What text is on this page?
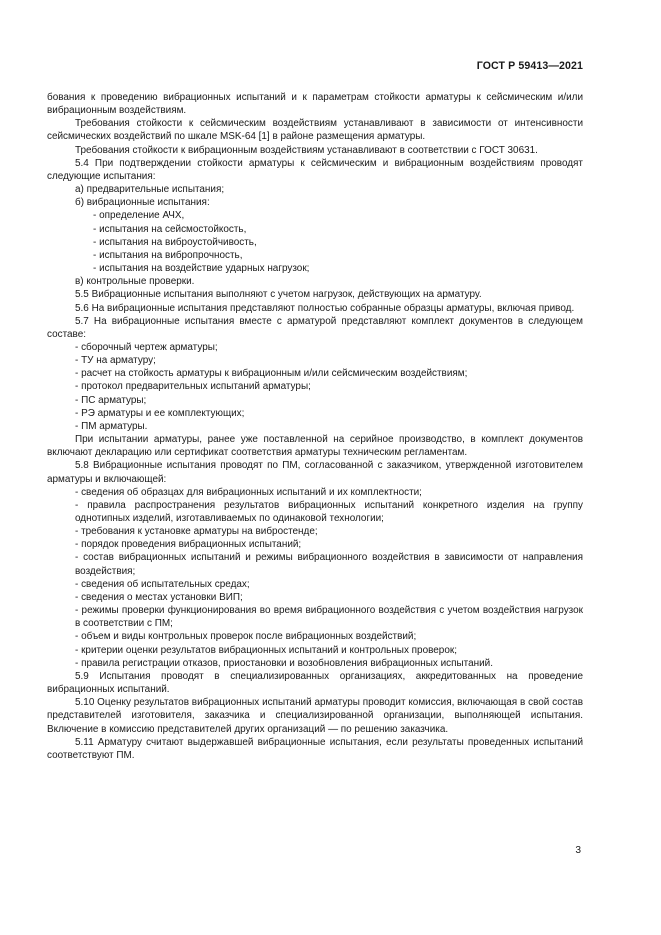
ГОСТ Р 59413—2021

бования к проведению вибрационных испытаний и к параметрам стойкости арматуры к сейсмическим и/или вибрационным воздействиям.

Требования стойкости к сейсмическим воздействиям устанавливают в зависимости от интенсивности сейсмических воздействий по шкале MSK-64 [1] в районе размещения арматуры.

Требования стойкости к вибрационным воздействиям устанавливают в соответствии с ГОСТ 30631.

5.4 При подтверждении стойкости арматуры к сейсмическим и вибрационным воздействиям проводят следующие испытания:

а) предварительные испытания;

б) вибрационные испытания:

- определение АЧХ,

- испытания на сейсмостойкость,

- испытания на виброустойчивость,

- испытания на вибропрочность,

- испытания на воздействие ударных нагрузок;

в) контрольные проверки.

5.5 Вибрационные испытания выполняют с учетом нагрузок, действующих на арматуру.

5.6 На вибрационные испытания представляют полностью собранные образцы арматуры, включая привод.

5.7 На вибрационные испытания вместе с арматурой представляют комплект документов в следующем составе:

- сборочный чертеж арматуры;

- ТУ на арматуру;

- расчет на стойкость арматуры к вибрационным и/или сейсмическим воздействиям;

- протокол предварительных испытаний арматуры;

- ПС арматуры;

- РЭ арматуры и ее комплектующих;

- ПМ арматуры.

При испытании арматуры, ранее уже поставленной на серийное производство, в комплект документов включают декларацию или сертификат соответствия арматуры техническим регламентам.

5.8 Вибрационные испытания проводят по ПМ, согласованной с заказчиком, утвержденной изготовителем арматуры и включающей:

- сведения об образцах для вибрационных испытаний и их комплектности;

- правила распространения результатов вибрационных испытаний конкретного изделия на группу однотипных изделий, изготавливаемых по одинаковой технологии;

- требования к установке арматуры на вибростенде;

- порядок проведения вибрационных испытаний;

- состав вибрационных испытаний и режимы вибрационного воздействия в зависимости от направления воздействия;

- сведения об испытательных средах;

- сведения о местах установки ВИП;

- режимы проверки функционирования во время вибрационного воздействия с учетом воздействия нагрузок в соответствии с ПМ;

- объем и виды контрольных проверок после вибрационных воздействий;

- критерии оценки результатов вибрационных испытаний и контрольных проверок;

- правила регистрации отказов, приостановки и возобновления вибрационных испытаний.

5.9 Испытания проводят в специализированных организациях, аккредитованных на проведение вибрационных испытаний.

5.10 Оценку результатов вибрационных испытаний арматуры проводит комиссия, включающая в свой состав представителей изготовителя, заказчика и специализированной организации, выполняющей испытания. Включение в комиссию представителей других организаций — по решению заказчика.

5.11 Арматуру считают выдержавшей вибрационные испытания, если результаты проведенных испытаний соответствуют ПМ.

3
